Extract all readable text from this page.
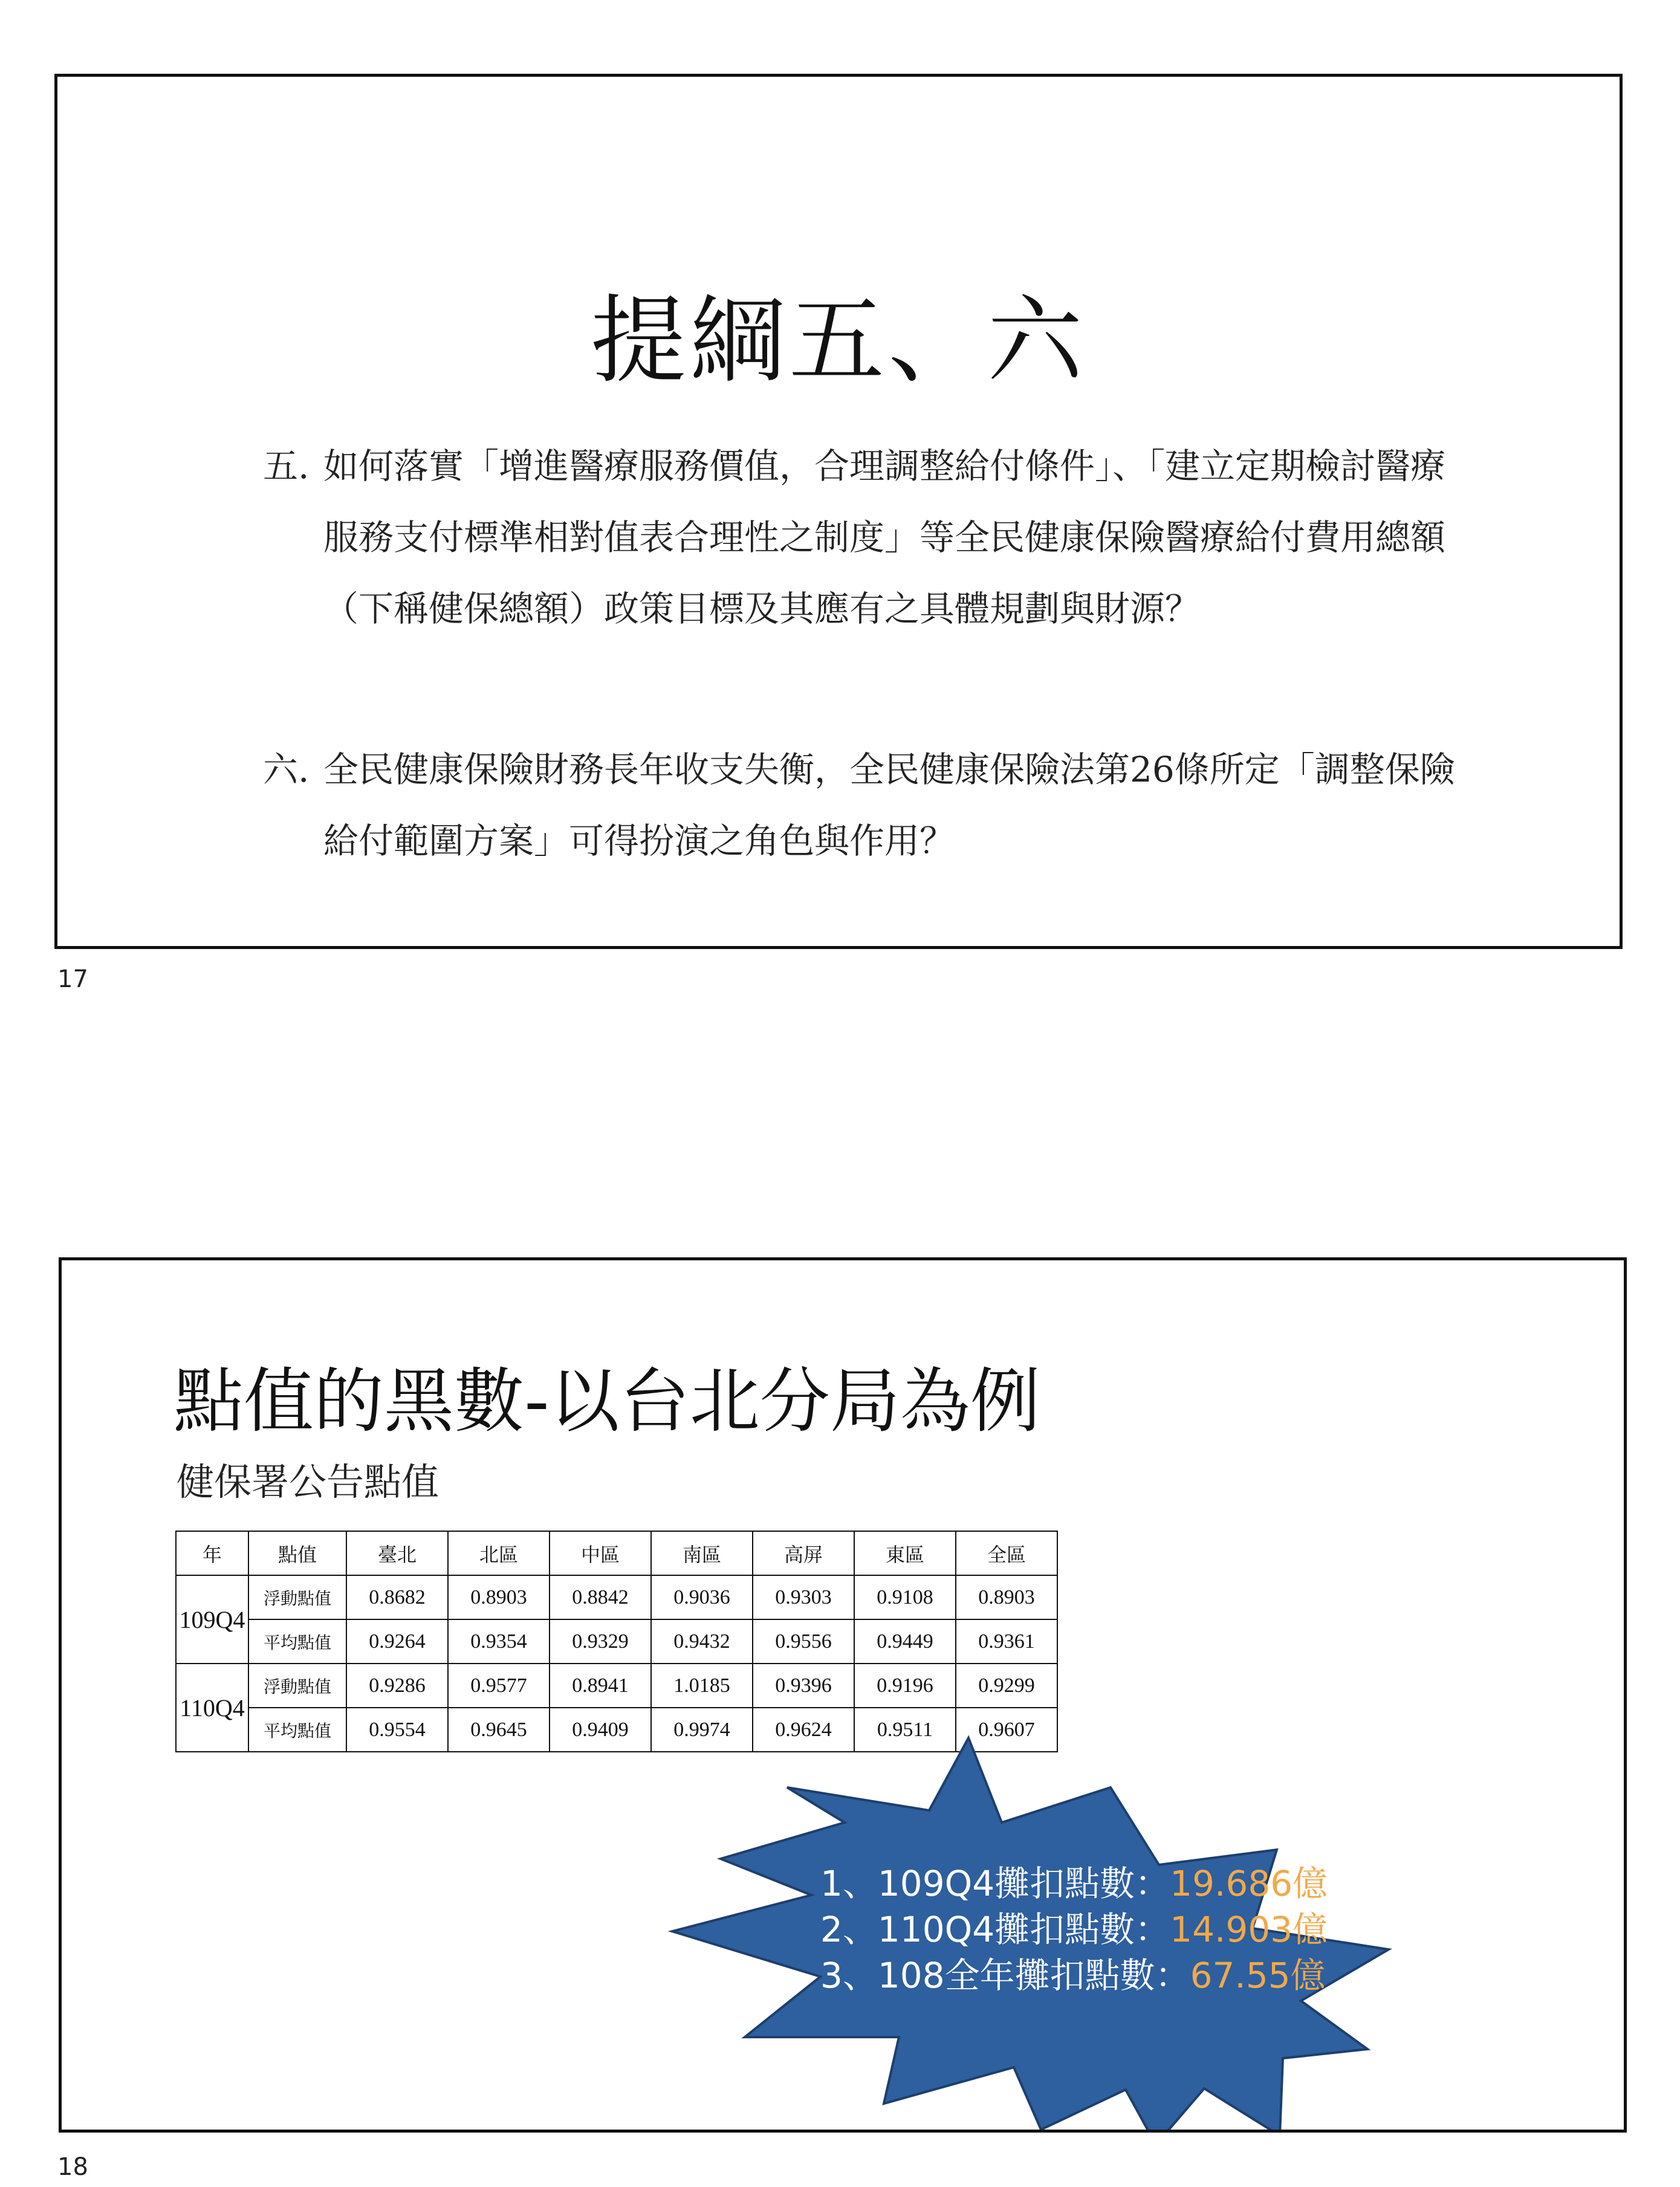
提綱五、六
五. 如何落實「增進醫療服務價值，合理調整給付條件」、「建立定期檢討醫療服務支付標準相對值表合理性之制度」等全民健康保險醫療給付費用總額（下稱健保總額）政策目標及其應有之具體規劃與財源？
六. 全民健康保險財務長年收支失衡，全民健康保險法第26條所定「調整保險給付範圍方案」可得扮演之角色與作用？
17
點值的黑數-以台北分局為例
健保署公告點值
年	點值	臺北	北區	中區	南區	高屏	東區	全區
109Q4	浮動點值	0.8682	0.8903	0.8842	0.9036	0.9303	0.9108	0.8903
	平均點值	0.9264	0.9354	0.9329	0.9432	0.9556	0.9449	0.9361
110Q4	浮動點值	0.9286	0.9577	0.8941	1.0185	0.9396	0.9196	0.9299
	平均點值	0.9554	0.9645	0.9409	0.9974	0.9624	0.9511	0.9607
1、109Q4攤扣點數：19.686億
2、110Q4攤扣點數：14.903億
3、108全年攤扣點數：67.55億
18
